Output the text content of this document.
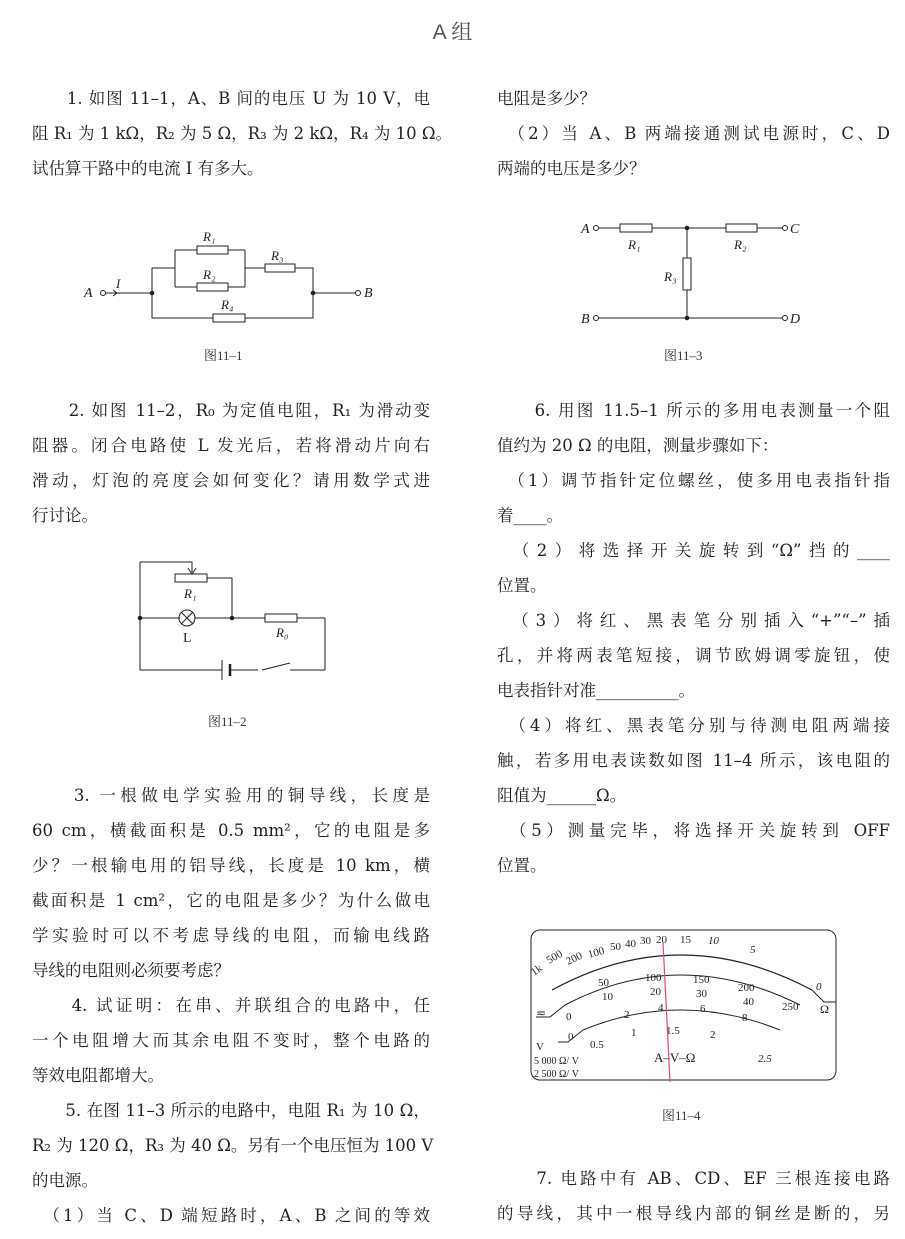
A 组
　　1. 如图 11–1，A、B 间的电压 U 为 10 V，电
阻 R₁ 为 1 kΩ，R₂ 为 5 Ω，R₃ 为 2 kΩ，R₄ 为 10 Ω。
试估算干路中的电流 I 有多大。
　　2. 如图 11–2，R₀ 为定值电阻，R₁ 为滑动变
阻器。闭合电路使 L 发光后，若将滑动片向右
滑动，灯泡的亮度会如何变化？请用数学式进
行讨论。
　　3. 一根做电学实验用的铜导线，长度是
60 cm，横截面积是 0.5 mm²，它的电阻是多
少？一根输电用的铝导线，长度是 10 km，横
截面积是 1 cm²，它的电阻是多少？为什么做电
学实验时可以不考虑导线的电阻，而输电线路
导线的电阻则必须要考虑？
　　4. 试证明：在串、并联组合的电路中，任
一个电阻增大而其余电阻不变时，整个电路的
等效电阻都增大。
　　5. 在图 11–3 所示的电路中，电阻 R₁ 为 10 Ω，
R₂ 为 120 Ω，R₃ 为 40 Ω。另有一个电压恒为 100 V
的电源。
　（1）当 C、D 端短路时，A、B 之间的等效
电阻是多少？
　（2）当 A、B 两端接通测试电源时，C、D
两端的电压是多少？
　　6. 用图 11.5–1 所示的多用电表测量一个阻
值约为 20 Ω 的电阻，测量步骤如下：
　（1）调节指针定位螺丝，使多用电表指针指
着____。
　（2）将选择开关旋转到“Ω”挡的____
位置。
　（3）将红、黑表笔分别插入“+”“–”插
孔，并将两表笔短接，调节欧姆调零旋钮，使
电表指针对准__________。
　（4）将红、黑表笔分别与待测电阻两端接
触，若多用电表读数如图 11–4 所示，该电阻的
阻值为______Ω。
　（5）测量完毕，将选择开关旋转到 OFF
位置。
　　7. 电路中有 AB、CD、EF 三根连接电路
的导线，其中一根导线内部的铜丝是断的，另
A
I
B
R₁
R₂
R₃
R₄
R₁
L	R₀
A	C
B	D
R₁	R₂
R₃
1k
500 200 100 50 40 30 20 15 10
5
0
Ω
≂
50	100	150
200
250
0
10	20	30
40
2
4	6
8
0
0.5
1	1.5	2
2.5
V
A–V–Ω
5 000 Ω/ V
2 500 Ω/ V
图11–1
图11–2
图11–3
图11–4
